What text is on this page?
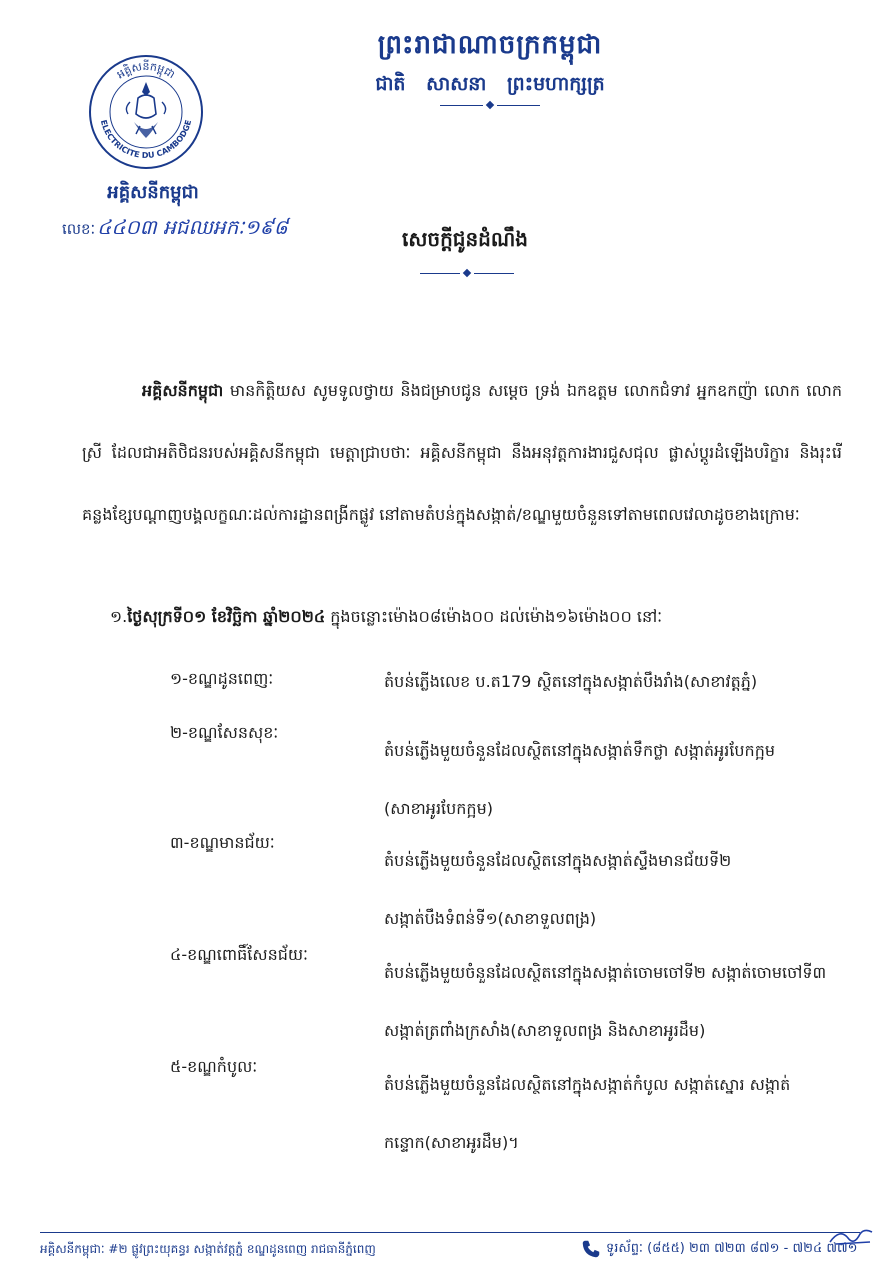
ព្រះរាជាណាចក្រកម្ពុជា
ជាតិ សាសនា ព្រះមហាក្សត្រ
អគ្គិសនីកម្ពុជា
ELECTRICITE DU CAMBODGE
អគ្គិសនីកម្ពុជា
លេខៈ ៤៤០៣ អជឈអកៈ១៩៨	សេចក្តីជូនដំណឹង
អគ្គិសនីកម្ពុជា មានកិត្តិយស សូមទូលថ្វាយ និងជម្រាបជូន សម្តេច ទ្រង់ ឯកឧត្តម លោកជំទាវ អ្នកឧកញ៉ា លោក លោកស្រី ដែលជាអតិថិជនរបស់អគ្គិសនីកម្ពុជា មេត្តាជ្រាបថាៈ អគ្គិសនីកម្ពុជា នឹងអនុវត្តការងារជួសជុល ផ្លាស់ប្តូរដំឡើងបរិក្ខារ និងរុះរើគន្លងខ្សែបណ្តាញបង្គលក្ខណៈដល់ការដ្ឋានពង្រីកផ្លូវ នៅតាមតំបន់ក្នុងសង្កាត់/ខណ្ឌមួយចំនួនទៅតាមពេលវេលាដូចខាងក្រោមៈ
១.ថ្ងៃសុក្រទី០១ ខែវិច្ឆិកា ឆ្នាំ២០២៤ ក្នុងចន្លោះម៉ោង០៨ម៉ោង០០ ដល់ម៉ោង១៦ម៉ោង០០ នៅៈ
១-ខណ្ឌដូនពេញៈ	តំបន់ភ្លើងលេខ ប.ត179 ស្ថិតនៅក្នុងសង្កាត់បឹងរាំង(សាខាវត្តភ្នំ)
២-ខណ្ឌសែនសុខៈ
តំបន់ភ្លើងមួយចំនួនដែលស្ថិតនៅក្នុងសង្កាត់ទឹកថ្លា សង្កាត់អូរបែកក្អម (សាខាអូរបែកក្អម)
៣-ខណ្ឌមានជ័យៈ
តំបន់ភ្លើងមួយចំនួនដែលស្ថិតនៅក្នុងសង្កាត់ស្ទឹងមានជ័យទី២ សង្កាត់បឹងទំពន់ទី១(សាខាទួលពង្រ)
៤-ខណ្ឌពោធិ៍សែនជ័យៈ
តំបន់ភ្លើងមួយចំនួនដែលស្ថិតនៅក្នុងសង្កាត់ចោមចៅទី២ សង្កាត់ចោមចៅទី៣ សង្កាត់ត្រពាំងក្រសាំង(សាខាទួលពង្រ និងសាខាអូរដឹម)
៥-ខណ្ឌកំបូលៈ
តំបន់ភ្លើងមួយចំនួនដែលស្ថិតនៅក្នុងសង្កាត់កំបូល សង្កាត់ស្នោរ សង្កាត់កន្ទោក(សាខាអូរដឹម)។
អគ្គិសនីកម្ពុជាៈ #២ ផ្លូវព្រះយុគន្ធរ សង្កាត់វត្តភ្នំ ខណ្ឌដូនពេញ រាជធានីភ្នំពេញ	ទូរស័ព្ទៈ (៨៥៥) ២៣ ៧២៣ ៨៧១ - ៧២៤ ៧៧១
